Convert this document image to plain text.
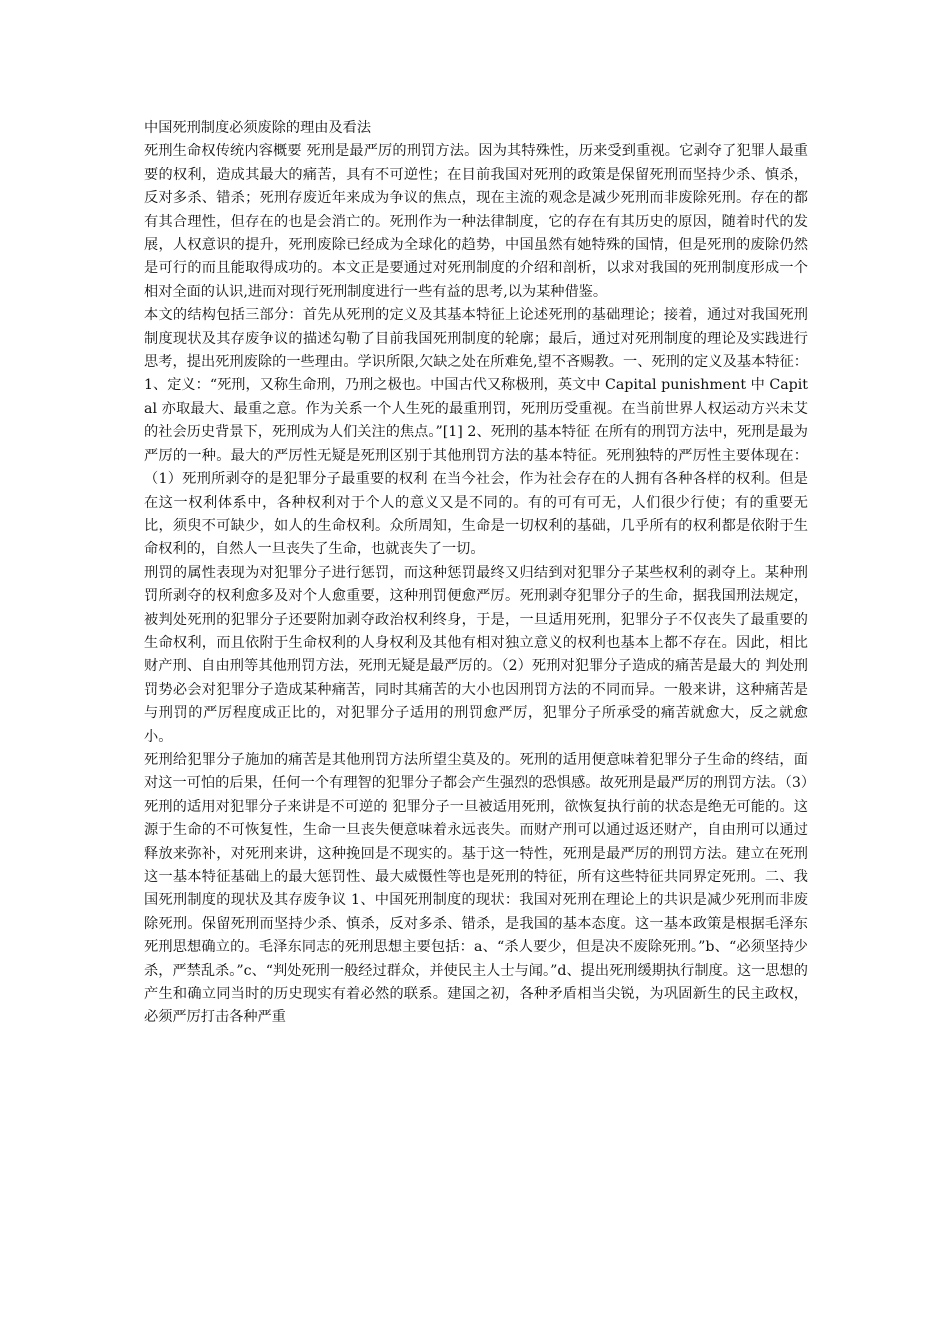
中国死刑制度必须废除的理由及看法

死刑生命权传统内容概要 死刑是最严厉的刑罚方法。因为其特殊性，历来受到重视。它剥夺了犯罪人最重要的权利，造成其最大的痛苦，具有不可逆性；在目前我国对死刑的政策是保留死刑而坚持少杀、慎杀，反对多杀、错杀；死刑存废近年来成为争议的焦点，现在主流的观念是减少死刑而非废除死刑。存在的都有其合理性，但存在的也是会消亡的。死刑作为一种法律制度，它的存在有其历史的原因，随着时代的发展，人权意识的提升，死刑废除已经成为全球化的趋势，中国虽然有她特殊的国情，但是死刑的废除仍然是可行的而且能取得成功的。本文正是要通过对死刑制度的介绍和剖析，以求对我国的死刑制度形成一个相对全面的认识,进而对现行死刑制度进行一些有益的思考,以为某种借鉴。

本文的结构包括三部分：首先从死刑的定义及其基本特征上论述死刑的基础理论；接着，通过对我国死刑制度现状及其存废争议的描述勾勒了目前我国死刑制度的轮廓；最后，通过对死刑制度的理论及实践进行思考，提出死刑废除的一些理由。学识所限,欠缺之处在所难免,望不吝赐教。一、死刑的定义及基本特征：1、定义：“死刑，又称生命刑，乃刑之极也。中国古代又称极刑，英文中 Capital punishment 中 Capital 亦取最大、最重之意。作为关系一个人生死的最重刑罚，死刑历受重视。在当前世界人权运动方兴未艾的社会历史背景下，死刑成为人们关注的焦点。”[1] 2、死刑的基本特征 在所有的刑罚方法中，死刑是最为严厉的一种。最大的严厉性无疑是死刑区别于其他刑罚方法的基本特征。死刑独特的严厉性主要体现在：（1）死刑所剥夺的是犯罪分子最重要的权利 在当今社会，作为社会存在的人拥有各种各样的权利。但是在这一权利体系中，各种权利对于个人的意义又是不同的。有的可有可无，人们很少行使；有的重要无比，须臾不可缺少，如人的生命权利。众所周知，生命是一切权利的基础，几乎所有的权利都是依附于生命权利的，自然人一旦丧失了生命，也就丧失了一切。

刑罚的属性表现为对犯罪分子进行惩罚，而这种惩罚最终又归结到对犯罪分子某些权利的剥夺上。某种刑罚所剥夺的权利愈多及对个人愈重要，这种刑罚便愈严厉。死刑剥夺犯罪分子的生命，据我国刑法规定，被判处死刑的犯罪分子还要附加剥夺政治权利终身，于是，一旦适用死刑，犯罪分子不仅丧失了最重要的生命权利，而且依附于生命权利的人身权利及其他有相对独立意义的权利也基本上都不存在。因此，相比财产刑、自由刑等其他刑罚方法，死刑无疑是最严厉的。（2）死刑对犯罪分子造成的痛苦是最大的 判处刑罚势必会对犯罪分子造成某种痛苦，同时其痛苦的大小也因刑罚方法的不同而异。一般来讲，这种痛苦是与刑罚的严厉程度成正比的，对犯罪分子适用的刑罚愈严厉，犯罪分子所承受的痛苦就愈大，反之就愈小。

死刑给犯罪分子施加的痛苦是其他刑罚方法所望尘莫及的。死刑的适用便意味着犯罪分子生命的终结，面对这一可怕的后果，任何一个有理智的犯罪分子都会产生强烈的恐惧感。故死刑是最严厉的刑罚方法。（3）死刑的适用对犯罪分子来讲是不可逆的 犯罪分子一旦被适用死刑，欲恢复执行前的状态是绝无可能的。这源于生命的不可恢复性，生命一旦丧失便意味着永远丧失。而财产刑可以通过返还财产，自由刑可以通过释放来弥补，对死刑来讲，这种挽回是不现实的。基于这一特性，死刑是最严厉的刑罚方法。建立在死刑这一基本特征基础上的最大惩罚性、最大威慑性等也是死刑的特征，所有这些特征共同界定死刑。二、我国死刑制度的现状及其存废争议 1、中国死刑制度的现状：我国对死刑在理论上的共识是减少死刑而非废除死刑。保留死刑而坚持少杀、慎杀，反对多杀、错杀，是我国的基本态度。这一基本政策是根据毛泽东死刑思想确立的。毛泽东同志的死刑思想主要包括：a、“杀人要少，但是决不废除死刑。”b、“必须坚持少杀，严禁乱杀。”c、“判处死刑一般经过群众，并使民主人士与闻。”d、提出死刑缓期执行制度。这一思想的产生和确立同当时的历史现实有着必然的联系。建国之初，各种矛盾相当尖锐，为巩固新生的民主政权，必须严厉打击各种严重
